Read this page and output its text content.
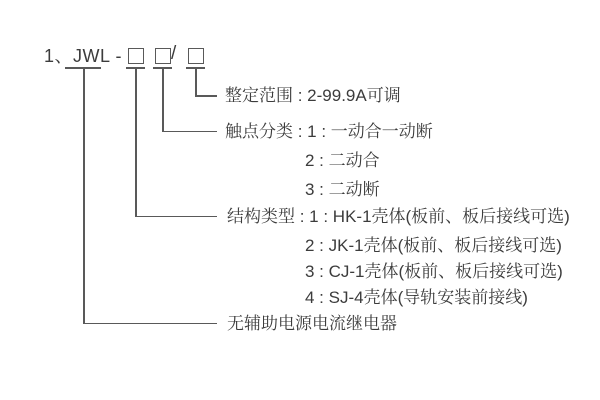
1、JWL -	/
整定范围 : 2-99.9A可调
触点分类 : 1 : 一动合一动断
2 : 二动合
3 : 二动断
结构类型 : 1 : HK-1壳体(板前、板后接线可选)
2 : JK-1壳体(板前、板后接线可选)
3 : CJ-1壳体(板前、板后接线可选)
4 : SJ-4壳体(导轨安装前接线)
无辅助电源电流继电器
